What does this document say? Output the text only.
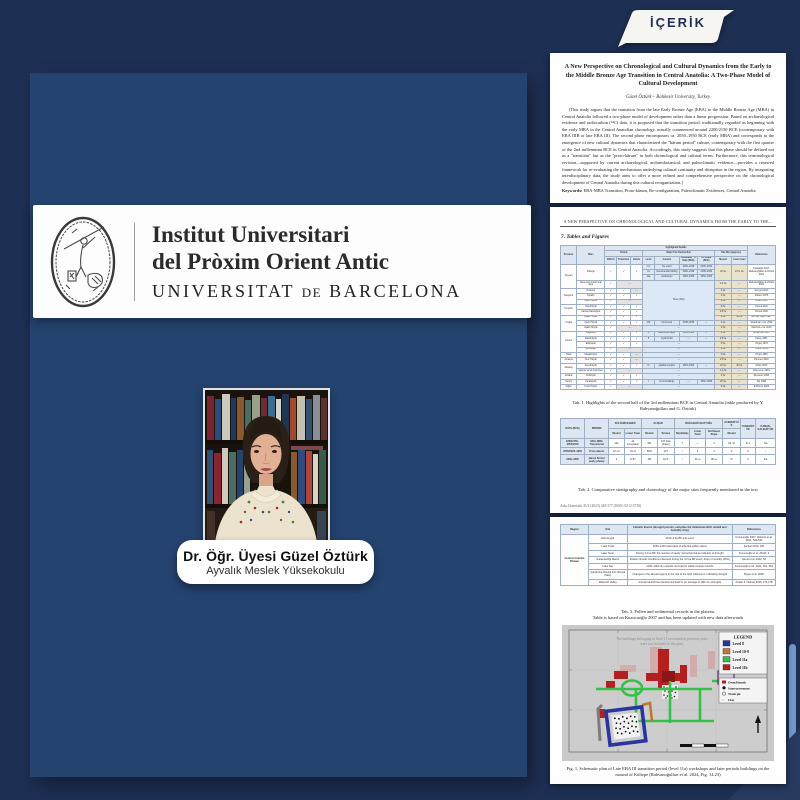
Institut Universitari
del Pròxim Orient Antic
UNIVERSITAT DE BARCELONA
Dr. Öğr. Üyesi Güzel Öztürk
Ayvalık Meslek Yüksekokulu
İÇERİK
A New Perspective on Chronological and Cultural Dynamics from the Early to the Middle Bronze Age Transition in Central Anatolia: A Two-Phase Model of Cultural Development
Güzel Öztürk – Balıkesir University, Turkey
[This study argues that the transition from the late Early Bronze Age (EBA) to the Middle Bronze Age (MBA) in Central Anatolia followed a two-phase model of development rather than a linear progression. Based on archaeological evidence and radiocarbon (¹⁴C) data, it is proposed that the transition period, traditionally regarded as beginning with the early MBA in the Central Anatolian chronology, actually commenced around 2200/2150 BCE (contemporary with EBA IIIB or late EBA III). The second phase encompasses ca. 2050–1950 BCE (early MBA) and corresponds to the emergence of new cultural dynamics that characterized the "kārum period" culture, contemporary with the first quarter of the 2nd millennium BCE in Central Anatolia. Accordingly, this study suggests that this phase should be defined not as a "transition" but as the "proto-kārum" in both chronological and cultural terms. Furthermore, this terminological revision—supported by current archaeological, archaeobotanical, and paleoclimatic evidence—provides a renewed framework for re-evaluating the mechanisms underlying cultural continuity and disruption in the region. By integrating interdisciplinary data, the study aims to offer a more refined and comprehensive perspective on the chronological development of Central Anatolia during this cultural reorganization.]
Keywords: EBA-MBA Transition, Proto-kārum, Re-configuration, Paleoclimatic Evidences, Central Anatolia.
A NEW PERSPECTIVE ON CHRONOLOGICAL AND CULTURAL DYNAMICS FROM THE EARLY TO THE...
7. Tables and Figures
Province	Sites	Highlighted Details									References
		Period			Major Fire Destruction				Site Size (approx.)		
		EBA III	Transition	kārum	Level	Context	Calibrated ¹⁴C Data (BCE)	C14 Data (BCE)	Mound	Lower town	
Kayseri	Kültepe	✓	✓	✓	13	fire event	2254–2139	2200–2150	20 ha	170+ ha	Kulakoğlu 2017; Rahvanoğulları & Öztürk 2024
					12	monumental building	2200–2128	2195–2030			
					11a	workshops	2083–1950	2050–1950			
	Numerous small rural sites	✓	—		None (N/A)				1-2 ha	—	Rahvanoğulları & Öztürk 2024
Nevşehir	Ovaören	✓	✓	—					2 ha	—	Şenyurt 2013
	Topaklı	✓	✓	✓					3 ha	—	Polacci 1975
	Zank Höyük	✓	—						2 ha	—	Önder 2015
Kırşehir	Yassıhöyük	✓	✓	✓					9 ha	—	Omura 2011
	Kaman-Kalehöyük	✓	✓	✓					2.8 ha	—	Omura 2002
Yozgat	Alişar Höyük	✓	✓	✓					4 ha	12 ha	von der Osten 1937
	Çadır Höyük	✓	✓	✓	11b	burnt level	2198–2036	—	2 ha	—	Steadman et al. 2019
	Uşaklı Höyük	✓	—		—				2 ha	—	Mazzoni et al. 2019
Çorum	Boğazköy	✓	✓	✓	4	destruction layer	2030–1950	—	8 ha	—	Schachner 2017
	Alacahöyük	✓	✓	✓	5	royal tombs	—	—	4.5 ha	—	Koşay 1951
	Eskiyapar	✓	✓	✓	—				5 ha	—	Özgüç 1978
	Resuloğlu	✓	—		—				2 ha	—	Yıldırım 2010
Tokat	Maşathöyük	✓	✓	—	—				3 ha	—	Özgüç 1982
Amasya	Oluz Höyük	✓	✓	—	—				2.5 ha	—	Dönmez 2018
Aksaray	Acemhöyük	✓	✓	✓	III	palatial complex	2015–1890	—	18 ha	40 ha	Öztan 2012
	Various small rural sites	✓	—		—				1-2 ha	—	Ross et al. 2019
Ankara	Külhöyük	✓	✓	✓	—				3 ha	—	Mermerci 1993
Konya	Karahöyük	✓	✓	✓	I	burnt buildings	—	1950–1835	25 ha	—	Alp 1968
Niğde	Kınık Höyük	✓	—		—				6 ha	—	d'Alfonso 2020
Tab. 1. Highlights of the second half of the 3rd millennium BCE in Central Anatolia (table produced by Y. Rahvanoğulları and G. Öztürk)
DATA (BCE)	PERIOD	KÜLTEPE/KANEŠ		ALİŞAR		BOĞAZKÖY/HATTUŠA			ACEMHÖYÜK	YASSIHÖYÜK	KAMAN-KALEHÖYÜK
		Mound	Lower Town	Mound	Terrace	Büyükkale	Lower Town	Northwest Slope	Mound		
2200/2150–2050/2026	EBA–MBA Transitional	13a	4b occupation	5M	13T (late phase)	?	—	4	VII–VI	III-1	IVa
2050/2026–1950	Proto-kārum	12–11	10–9	5bM	12T	↓	4	4	V	II	↓
1950–1835	kārum Period (early phase)	II	9–8?	4M	11cT	↓	4b–a	8b–a	IV	II	IIIa
Tab. 2. Comparative stratigraphy and chronology of the major sites frequently mentioned in the text
Aula Orientalis 41/2 (2023) 349-377 (ISSN: 0212-5730)
Region	Site	Climatic Events (drought periods; early/late 3rd millennium BCE rainfall and humidity drop)	References
Central Anatolia Plateau	Eski Acıgöl	2150–2 ka BP arid event	Kuzucuoğlu 2007; Roberts et al. 2001, 532-533
	Lake Tuzla	2250–2145 (decrease of arboreal pollen ratios)	Şenkul 2019, 105
	Lake Tecer	During 4.2 ka BP, the number of sandy microcharcoal as indicator of drought	Kuzucuoğlu et al. 2011b, 3
	Sultansazlığı Marsh	Drastic climatic conditions observed during the 4.2 ka BP event; drop in humidity (25%)	Şenel et al. 2022, 53
	Lake Nar	2150–1900 dry episode recorded in stable isotope records	Kuzucuoğlu et al. 2021, 351, 363
	Çarşamba Alluvial Fan (Konya Plain)	Changes in the alluvial regime in the mid of the third millennium, indicating drought	Boyer et al. 2006
	Melendiz Valley	Annual rainfall has transformed itself to an average of 180 mm (drought)	Arıkan & Yıldıran 2016, 174-178
Tab. 3. Pollen and sedimental records in the plateau.
Table is based on Kuzucuoğlu 2007 and has been updated with new data afterwards
The buildings belonging to level 11 excavated in previous years
were not included in this plan.
LEGEND
Level 8
Level 10-9
Level 11a
Level 11b
Oven/Hearth
Stone pavement
Trash pit
≈ Clay
Fig. 1. Schematic plan of Late EBA III transition period (level 11a) workshops and later periods buildings on the mound of Kültepe (Rahvanoğulları et al. 2024, Fig. 14.23)
